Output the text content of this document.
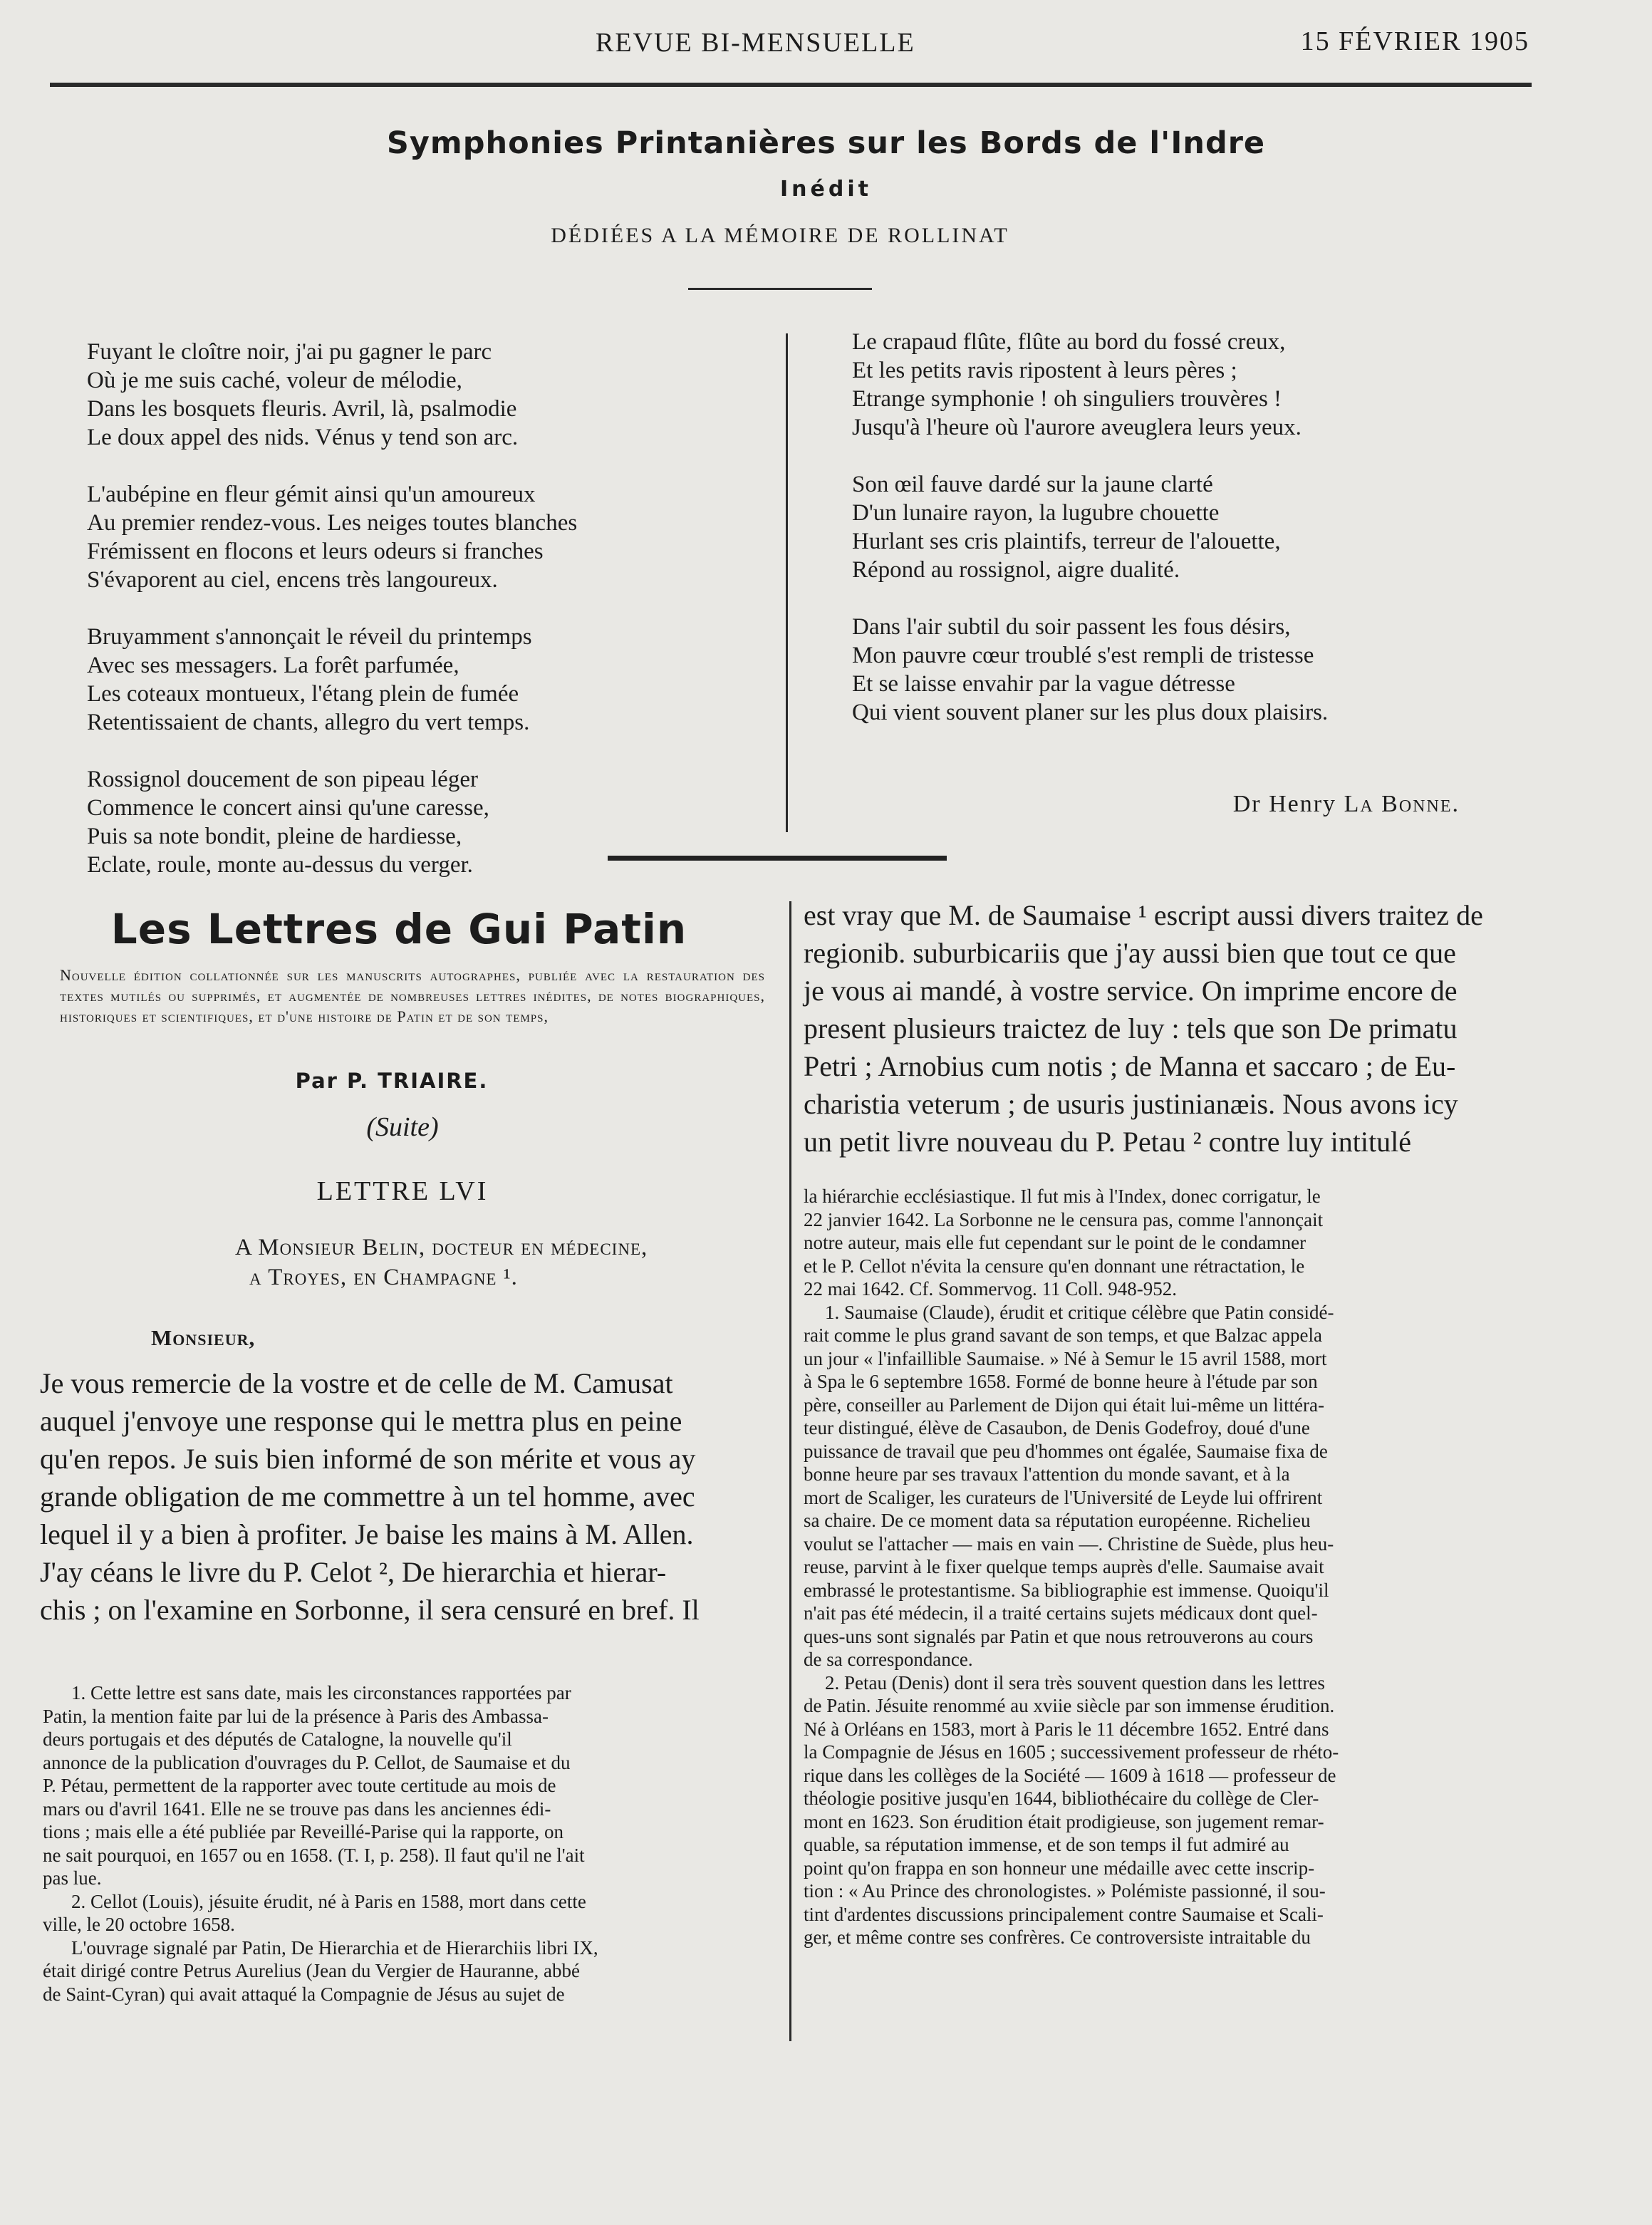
REVUE BI-MENSUELLE	15 FÉVRIER 1905
Symphonies Printanières sur les Bords de l'Indre
Inédit
DÉDIÉES A LA MÉMOIRE DE ROLLINAT
Fuyant le cloître noir, j'ai pu gagner le parc
Où je me suis caché, voleur de mélodie,
Dans les bosquets fleuris. Avril, là, psalmodie
Le doux appel des nids. Vénus y tend son arc.
L'aubépine en fleur gémit ainsi qu'un amoureux
Au premier rendez-vous. Les neiges toutes blanches
Frémissent en flocons et leurs odeurs si franches
S'évaporent au ciel, encens très langoureux.
Bruyamment s'annonçait le réveil du printemps
Avec ses messagers. La forêt parfumée,
Les coteaux montueux, l'étang plein de fumée
Retentissaient de chants, allegro du vert temps.
Rossignol doucement de son pipeau léger
Commence le concert ainsi qu'une caresse,
Puis sa note bondit, pleine de hardiesse,
Eclate, roule, monte au-dessus du verger.
Le crapaud flûte, flûte au bord du fossé creux,
Et les petits ravis ripostent à leurs pères ;
Etrange symphonie ! oh singuliers trouvères !
Jusqu'à l'heure où l'aurore aveuglera leurs yeux.
Son œil fauve dardé sur la jaune clarté
D'un lunaire rayon, la lugubre chouette
Hurlant ses cris plaintifs, terreur de l'alouette,
Répond au rossignol, aigre dualité.
Dans l'air subtil du soir passent les fous désirs,
Mon pauvre cœur troublé s'est rempli de tristesse
Et se laisse envahir par la vague détresse
Qui vient souvent planer sur les plus doux plaisirs.
Dr Henry La Bonne.
Les Lettres de Gui Patin
Nouvelle édition collationnée sur les manuscrits autographes, publiée avec la restauration des textes mutilés ou supprimés, et augmentée de nombreuses lettres inédites, de notes biographiques, historiques et scientifiques, et d'une histoire de Patin et de son temps,
Par P. TRIAIRE.
(Suite)
LETTRE LVI
A Monsieur Belin, docteur en médecine,
a Troyes, en Champagne ¹.
Monsieur,
Je vous remercie de la vostre et de celle de M. Camusat
auquel j'envoye une response qui le mettra plus en peine
qu'en repos. Je suis bien informé de son mérite et vous ay
grande obligation de me commettre à un tel homme, avec
lequel il y a bien à profiter. Je baise les mains à M. Allen.
J'ay céans le livre du P. Celot ², De hierarchia et hierar-
chis ; on l'examine en Sorbonne, il sera censuré en bref. Il
1. Cette lettre est sans date, mais les circonstances rapportées par
Patin, la mention faite par lui de la présence à Paris des Ambassa-
deurs portugais et des députés de Catalogne, la nouvelle qu'il
annonce de la publication d'ouvrages du P. Cellot, de Saumaise et du
P. Pétau, permettent de la rapporter avec toute certitude au mois de
mars ou d'avril 1641. Elle ne se trouve pas dans les anciennes édi-
tions ; mais elle a été publiée par Reveillé-Parise qui la rapporte, on
ne sait pourquoi, en 1657 ou en 1658. (T. I, p. 258). Il faut qu'il ne l'ait
pas lue.
2. Cellot (Louis), jésuite érudit, né à Paris en 1588, mort dans cette
ville, le 20 octobre 1658.
L'ouvrage signalé par Patin, De Hierarchia et de Hierarchiis libri IX,
était dirigé contre Petrus Aurelius (Jean du Vergier de Hauranne, abbé
de Saint-Cyran) qui avait attaqué la Compagnie de Jésus au sujet de
est vray que M. de Saumaise ¹ escript aussi divers traitez de
regionib. suburbicariis que j'ay aussi bien que tout ce que
je vous ai mandé, à vostre service. On imprime encore de
present plusieurs traictez de luy : tels que son De primatu
Petri ; Arnobius cum notis ; de Manna et saccaro ; de Eu-
charistia veterum ; de usuris justinianæis. Nous avons icy
un petit livre nouveau du P. Petau ² contre luy intitulé
la hiérarchie ecclésiastique. Il fut mis à l'Index, donec corrigatur, le
22 janvier 1642. La Sorbonne ne le censura pas, comme l'annonçait
notre auteur, mais elle fut cependant sur le point de le condamner
et le P. Cellot n'évita la censure qu'en donnant une rétractation, le
22 mai 1642. Cf. Sommervog. 11 Coll. 948-952.
1. Saumaise (Claude), érudit et critique célèbre que Patin considé-
rait comme le plus grand savant de son temps, et que Balzac appela
un jour « l'infaillible Saumaise. » Né à Semur le 15 avril 1588, mort
à Spa le 6 septembre 1658. Formé de bonne heure à l'étude par son
père, conseiller au Parlement de Dijon qui était lui-même un littéra-
teur distingué, élève de Casaubon, de Denis Godefroy, doué d'une
puissance de travail que peu d'hommes ont égalée, Saumaise fixa de
bonne heure par ses travaux l'attention du monde savant, et à la
mort de Scaliger, les curateurs de l'Université de Leyde lui offrirent
sa chaire. De ce moment data sa réputation européenne. Richelieu
voulut se l'attacher — mais en vain —. Christine de Suède, plus heu-
reuse, parvint à le fixer quelque temps auprès d'elle. Saumaise avait
embrassé le protestantisme. Sa bibliographie est immense. Quoiqu'il
n'ait pas été médecin, il a traité certains sujets médicaux dont quel-
ques-uns sont signalés par Patin et que nous retrouverons au cours
de sa correspondance.
2. Petau (Denis) dont il sera très souvent question dans les lettres
de Patin. Jésuite renommé au xviie siècle par son immense érudition.
Né à Orléans en 1583, mort à Paris le 11 décembre 1652. Entré dans
la Compagnie de Jésus en 1605 ; successivement professeur de rhéto-
rique dans les collèges de la Société — 1609 à 1618 — professeur de
théologie positive jusqu'en 1644, bibliothécaire du collège de Cler-
mont en 1623. Son érudition était prodigieuse, son jugement remar-
quable, sa réputation immense, et de son temps il fut admiré au
point qu'on frappa en son honneur une médaille avec cette inscrip-
tion : « Au Prince des chronologistes. » Polémiste passionné, il sou-
tint d'ardentes discussions principalement contre Saumaise et Scali-
ger, et même contre ses confrères. Ce controversiste intraitable du
